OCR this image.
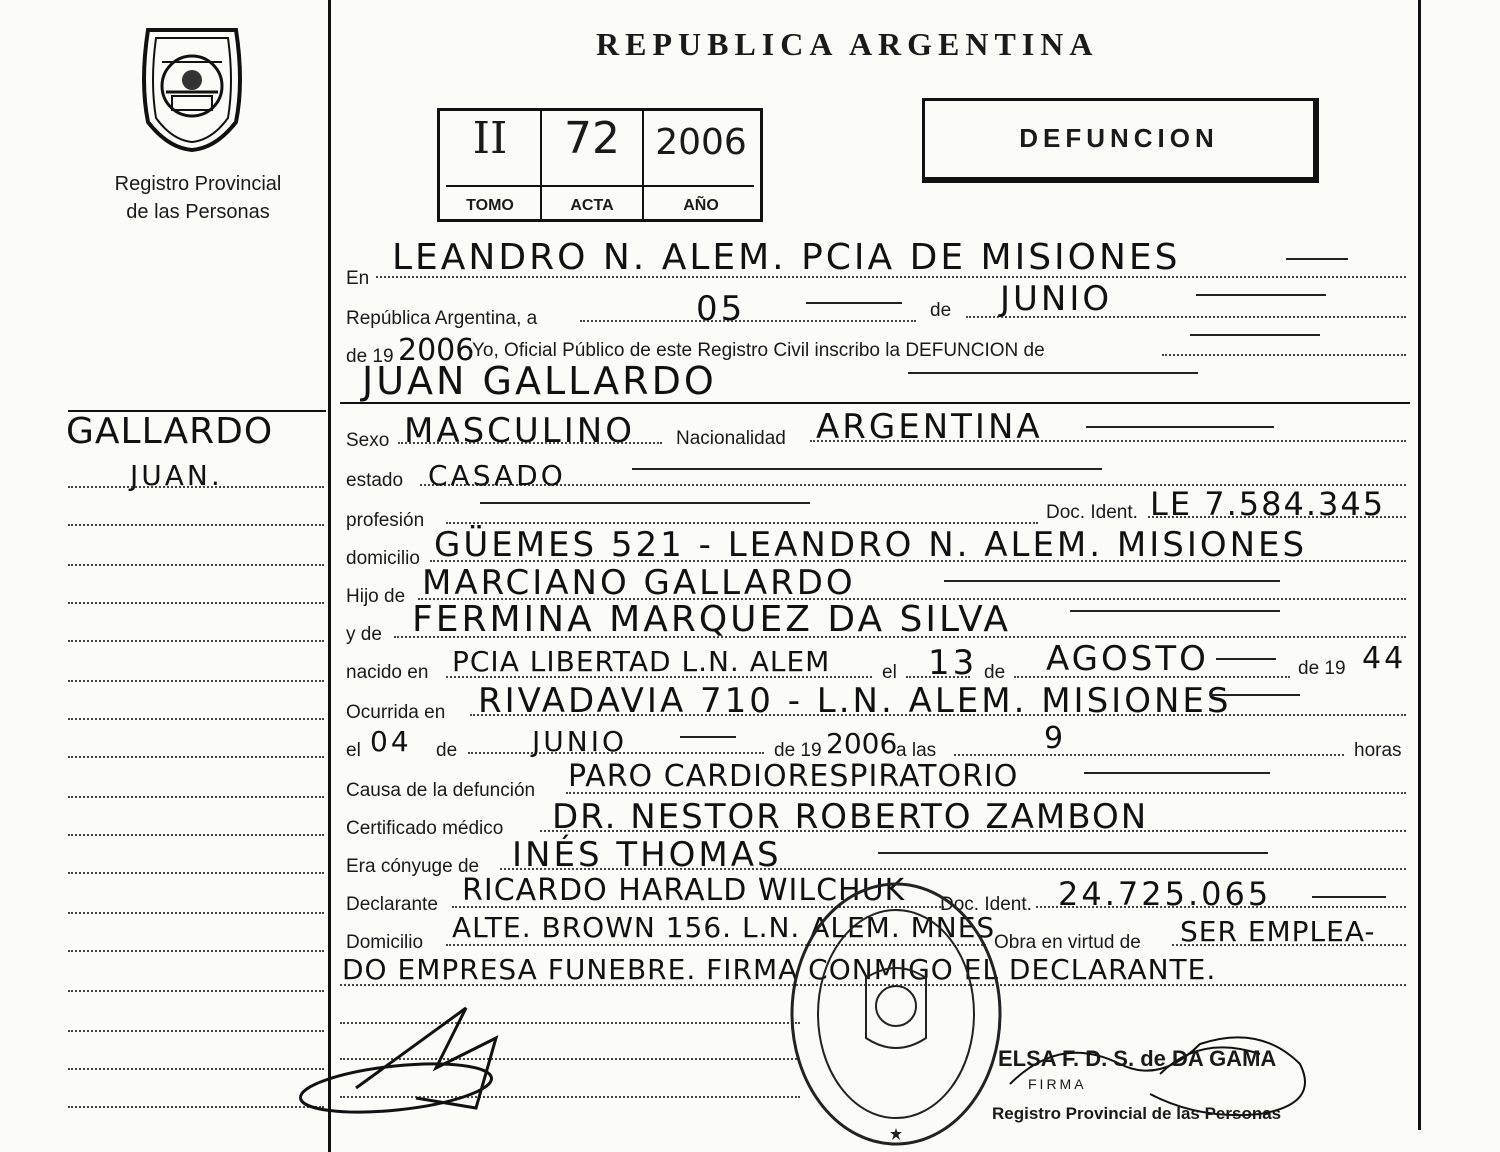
Registro Provincial
de las Personas
REPUBLICA ARGENTINA
II
TOMO
72
ACTA
2006
AÑO
DEFUNCION
GALLARDO
JUAN.
En
LEANDRO N. ALEM. PCIA DE MISIONES
República Argentina, a	05	de JUNIO
de 19 2006
Yo, Oficial Público de este Registro Civil inscribo la DEFUNCION de
JUAN GALLARDO
Sexo MASCULINO Nacionalidad ARGENTINA
estado CASADO
profesión	Doc. Ident. LE 7.584.345
domicilio GÜEMES 521 - LEANDRO N. ALEM. MISIONES
Hijo de MARCIANO GALLARDO
y de FERMINA MARQUEZ DA SILVA
nacido en PCIA LIBERTAD L.N. ALEM	el 13 de AGOSTO	de 19 44
Ocurrida en RIVADAVIA 710 - L.N. ALEM. MISIONES
el 04 de	JUNIO	de 19 2006
a las	9	horas
Causa de la defunción PARO CARDIORESPIRATORIO
Certificado médico DR. NESTOR ROBERTO ZAMBON
Era cónyuge de INÉS THOMAS
Declarante RICARDO HARALD WILCHUK Doc. Ident. 24.725.065
Domicilio ALTE. BROWN 156. L.N. ALEM. MNES
Obra en virtud de SER EMPLEA-
DO EMPRESA FUNEBRE. FIRMA CONMIGO EL DECLARANTE.
ELSA F. D. S. de DA GAMA
FIRMA
Registro Provincial de las Personas
